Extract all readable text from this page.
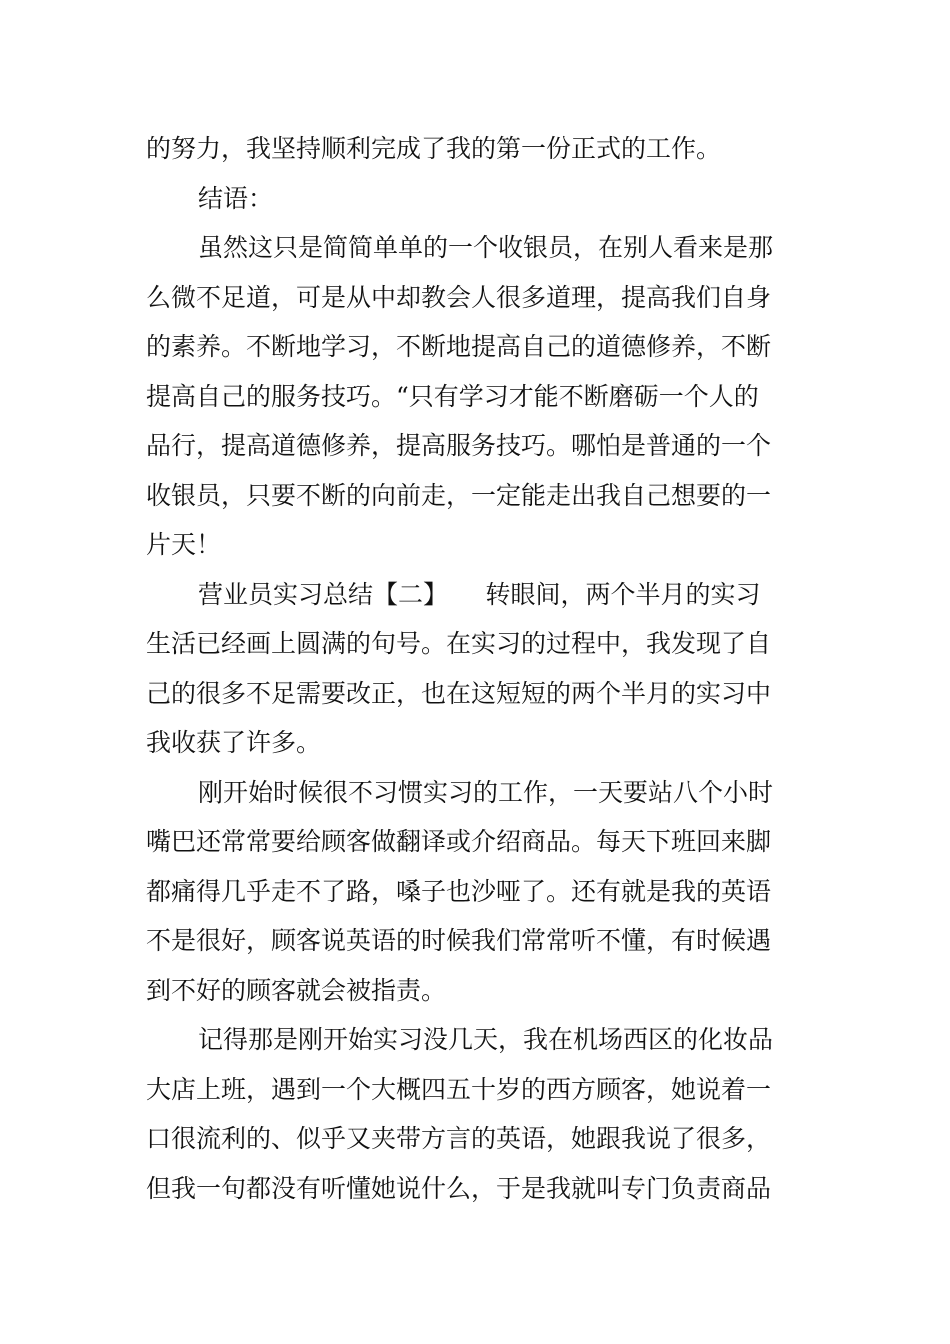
的努力，我坚持顺利完成了我的第一份正式的工作。
结语：
虽然这只是简简单单的一个收银员，在别人看来是那
么微不足道，可是从中却教会人很多道理，提高我们自身
的素养。不断地学习，不断地提高自己的道德修养，不断
提高自己的服务技巧。“只有学习才能不断磨砺一个人的
品行，提高道德修养，提高服务技巧。哪怕是普通的一个
收银员，只要不断的向前走，一定能走出我自己想要的一
片天！
营业员实习总结【二】　　转眼间，两个半月的实习
生活已经画上圆满的句号。在实习的过程中，我发现了自
己的很多不足需要改正，也在这短短的两个半月的实习中
我收获了许多。
刚开始时候很不习惯实习的工作，一天要站八个小时
嘴巴还常常要给顾客做翻译或介绍商品。每天下班回来脚
都痛得几乎走不了路，嗓子也沙哑了。还有就是我的英语
不是很好，顾客说英语的时候我们常常听不懂，有时候遇
到不好的顾客就会被指责。
记得那是刚开始实习没几天，我在机场西区的化妆品
大店上班，遇到一个大概四五十岁的西方顾客，她说着一
口很流利的、似乎又夹带方言的英语，她跟我说了很多，
但我一句都没有听懂她说什么，于是我就叫专门负责商品
